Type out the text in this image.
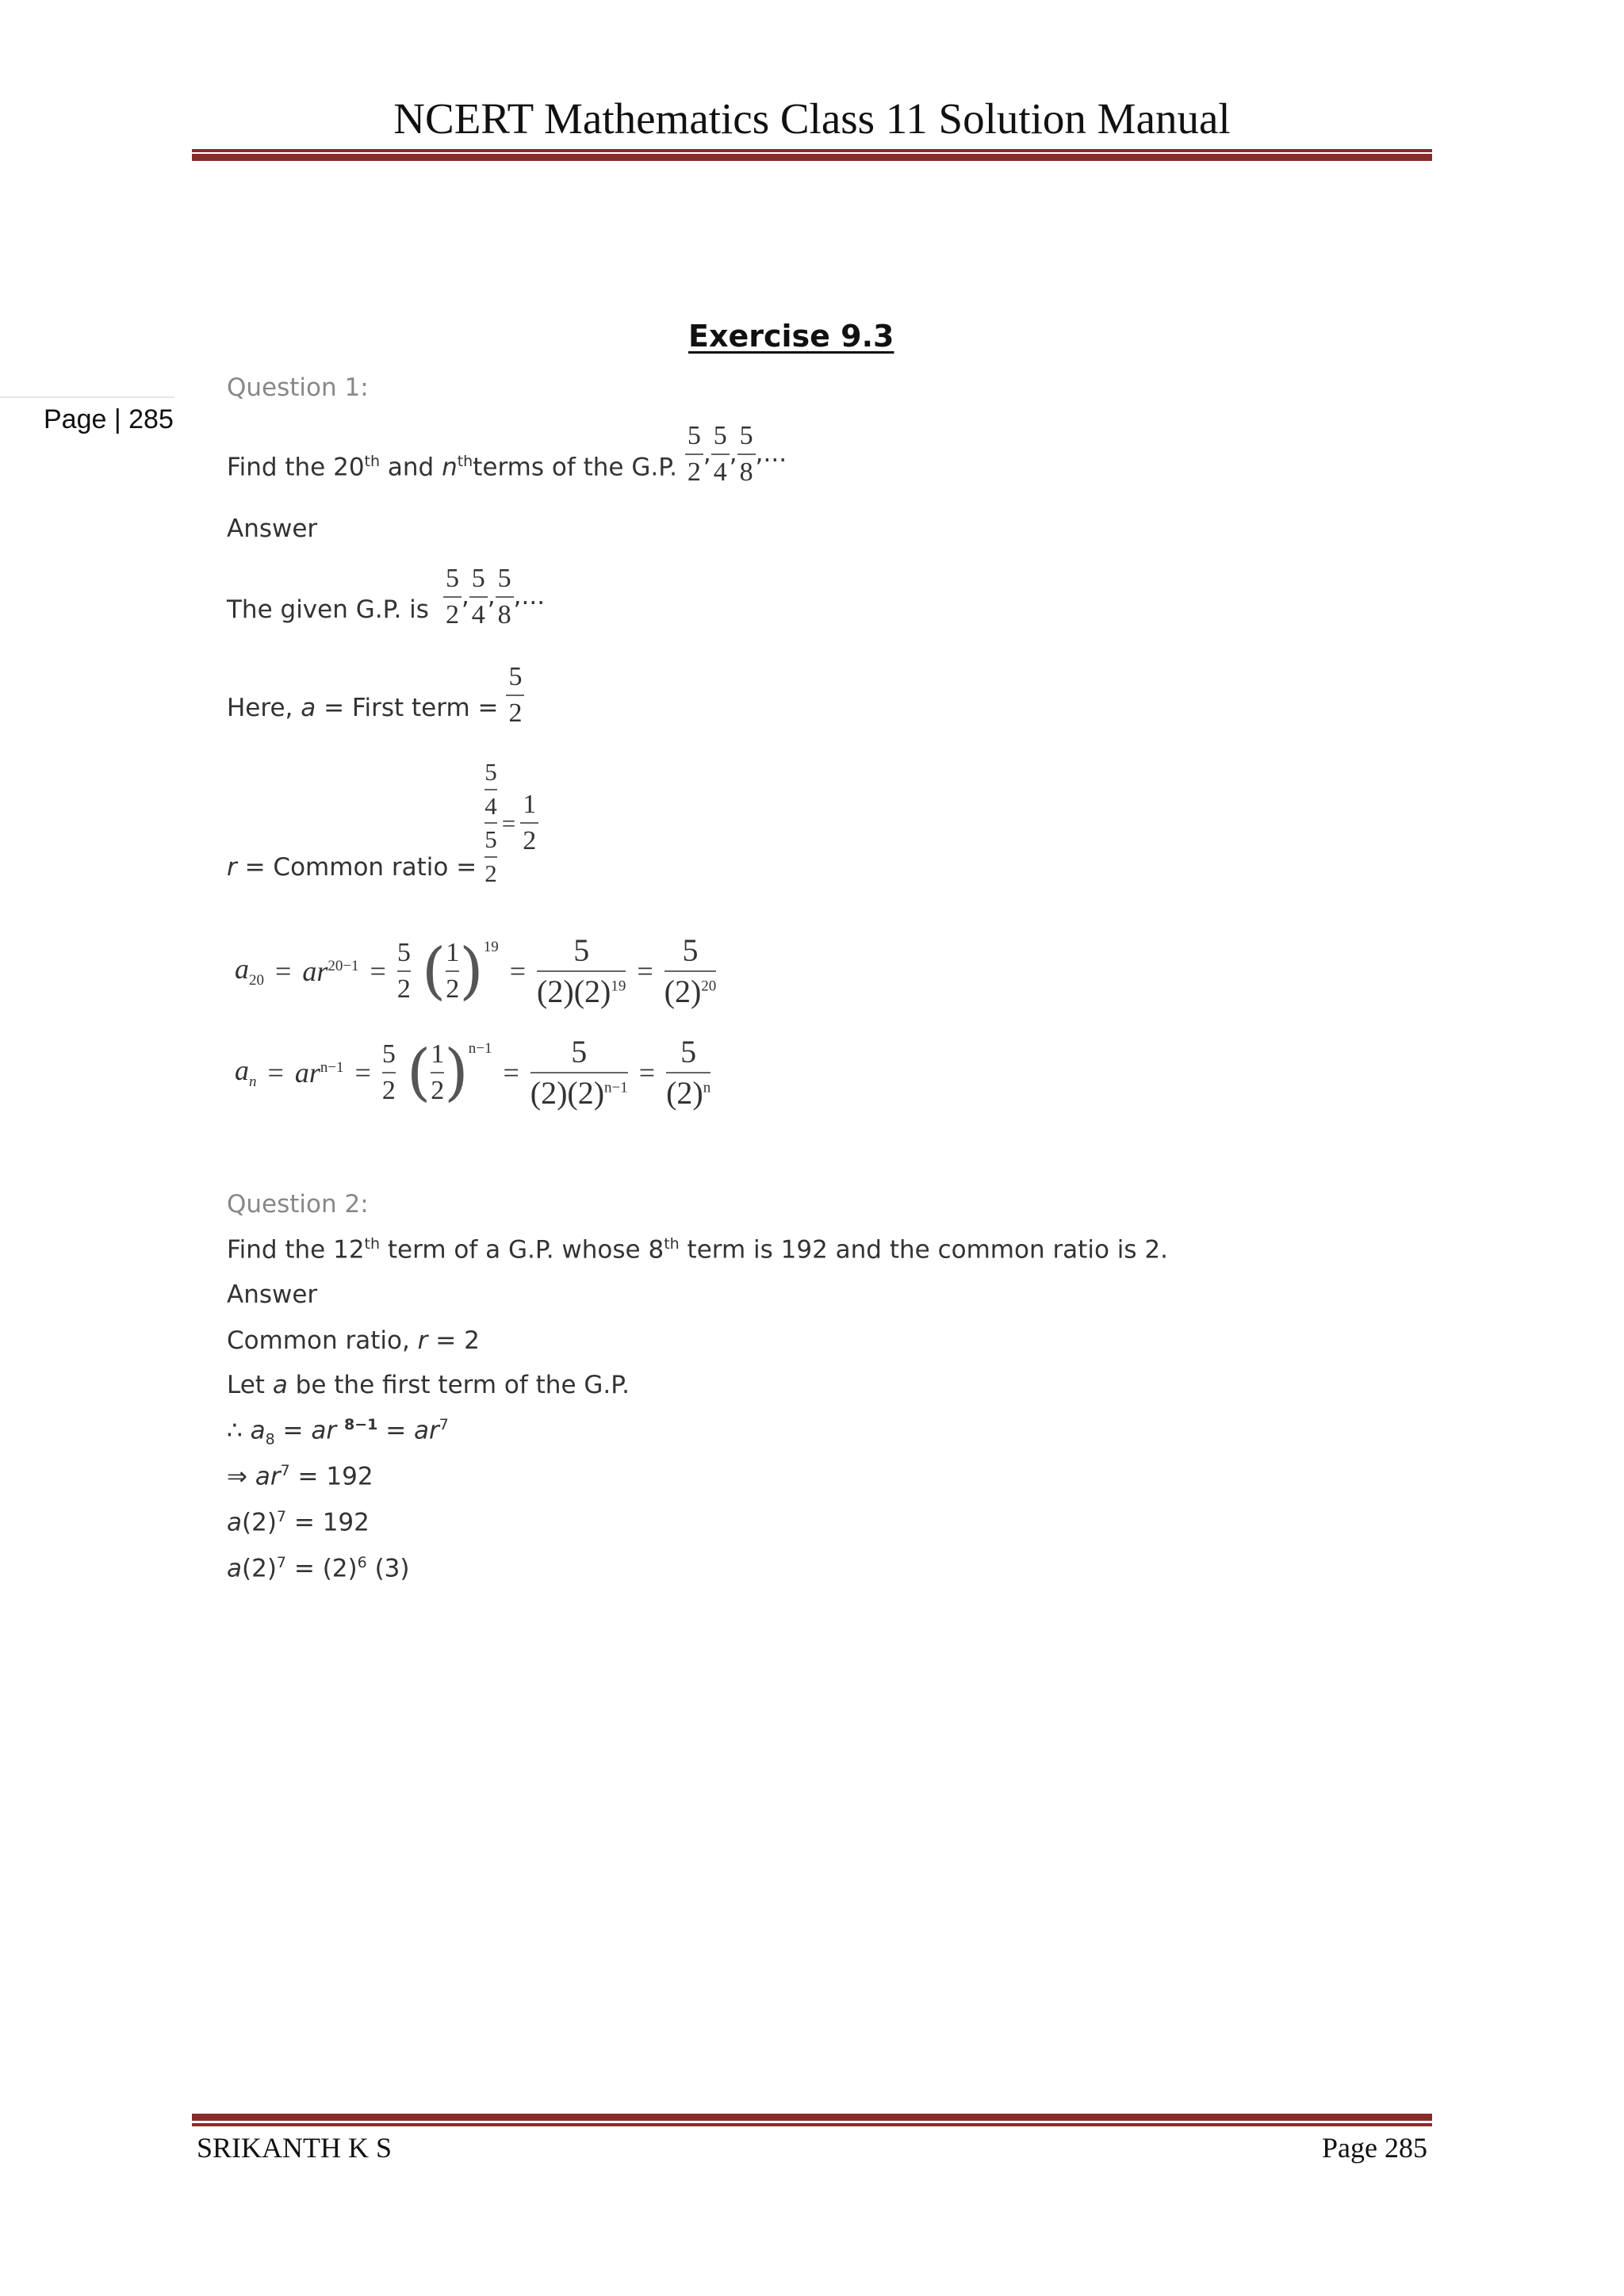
NCERT Mathematics Class 11 Solution Manual
Page | 285
Exercise 9.3
Question 1:
Find the 20th and $n^{th}terms$ of the G.P.
5
2
,
5
4
,
5
8
,...
Answer
The given G.P. is
5
2
,
5
4
,
5
8
,...
Here, a = First term =
5
2
r = Common ratio =
5
4
5
2
=
1
2
$a_{20} = ar^{20-1}$ =
5
2 ( 1
2 ) 19
=
5
$(2)(2)^{19}$ =
5
$(2)^{20}$
$a_n = ar^{n-1}$ =
5
2 ( 1
2 ) n−1
=
5
$(2)(2)^{n-1}$ =
5
$(2)^n$
Question 2:
Find the 12th term of a G.P. whose 8th term is 192 and the common ratio is 2.
Answer
Common ratio, r = 2
Let a be the first term of the G.P.
∴ $a_8$ = ar $^{8-1} = ar^7$
⇒ $ar^7 = 192$
$a(2)^7 = 192$
$a(2)^7 = (2)^6$ (3)
SRIKANTH K S	Page 285
